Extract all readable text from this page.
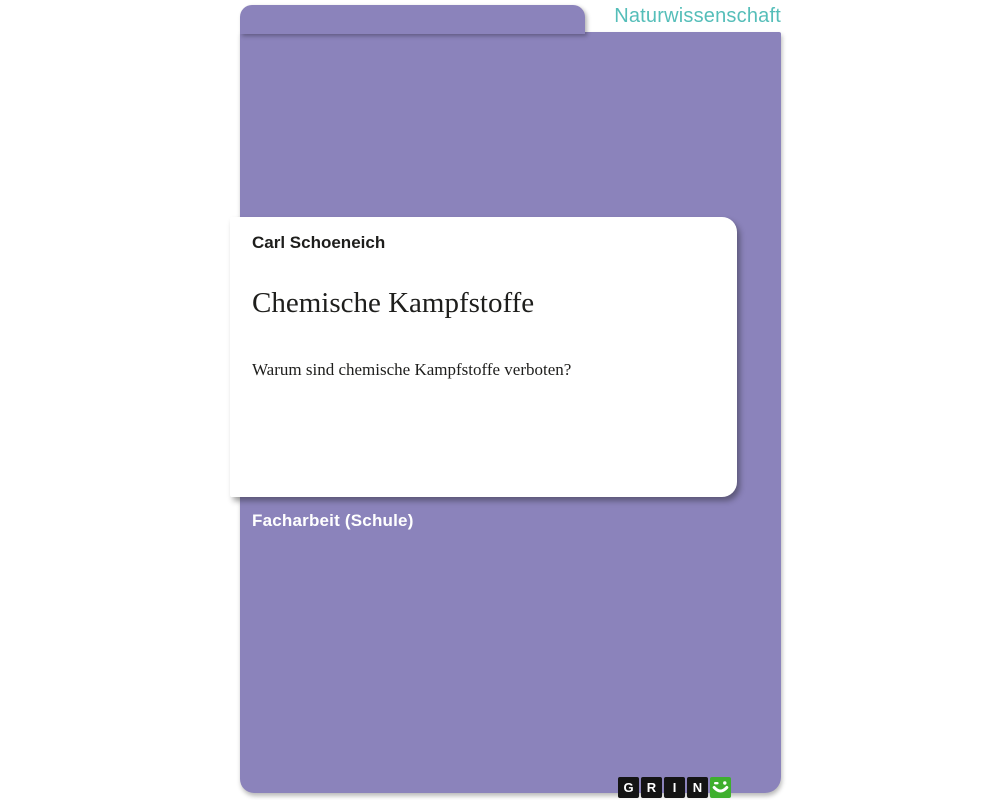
Naturwissenschaft
Carl Schoeneich
Chemische Kampfstoffe
Warum sind chemische Kampfstoffe verboten?
Facharbeit (Schule)
G	R	I	N
